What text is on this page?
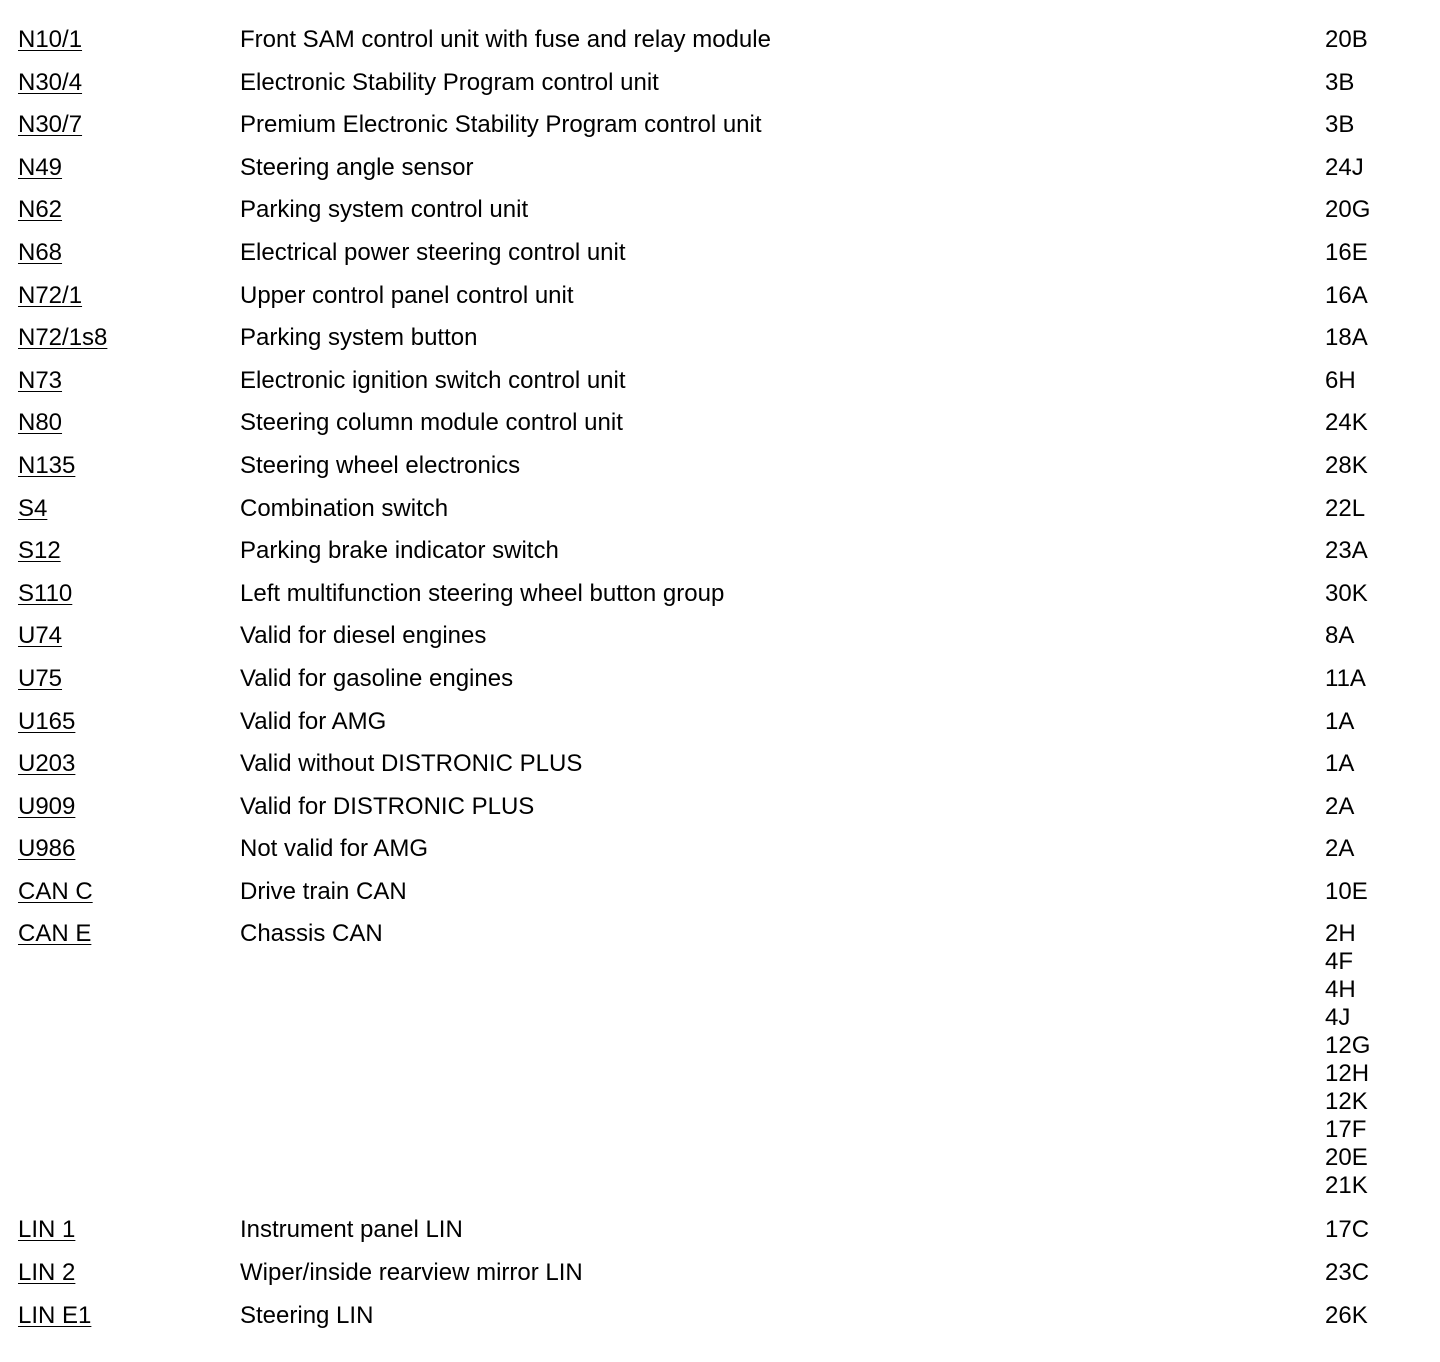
N10/1	Front SAM control unit with fuse and relay module	20B
N30/4	Electronic Stability Program control unit	3B
N30/7	Premium Electronic Stability Program control unit	3B
N49	Steering angle sensor	24J
N62	Parking system control unit	20G
N68	Electrical power steering control unit	16E
N72/1	Upper control panel control unit	16A
N72/1s8	Parking system button	18A
N73	Electronic ignition switch control unit	6H
N80	Steering column module control unit	24K
N135	Steering wheel electronics	28K
S4	Combination switch	22L
S12	Parking brake indicator switch	23A
S110	Left multifunction steering wheel button group	30K
U74	Valid for diesel engines	8A
U75	Valid for gasoline engines	11A
U165	Valid for AMG	1A
U203	Valid without DISTRONIC PLUS	1A
U909	Valid for DISTRONIC PLUS	2A
U986	Not valid for AMG	2A
CAN C	Drive train CAN	10E
CAN E	Chassis CAN	2H
4F
4H
4J
12G
12H
12K
17F
20E
21K
LIN 1	Instrument panel LIN	17C
LIN 2	Wiper/inside rearview mirror LIN	23C
LIN E1	Steering LIN	26K
